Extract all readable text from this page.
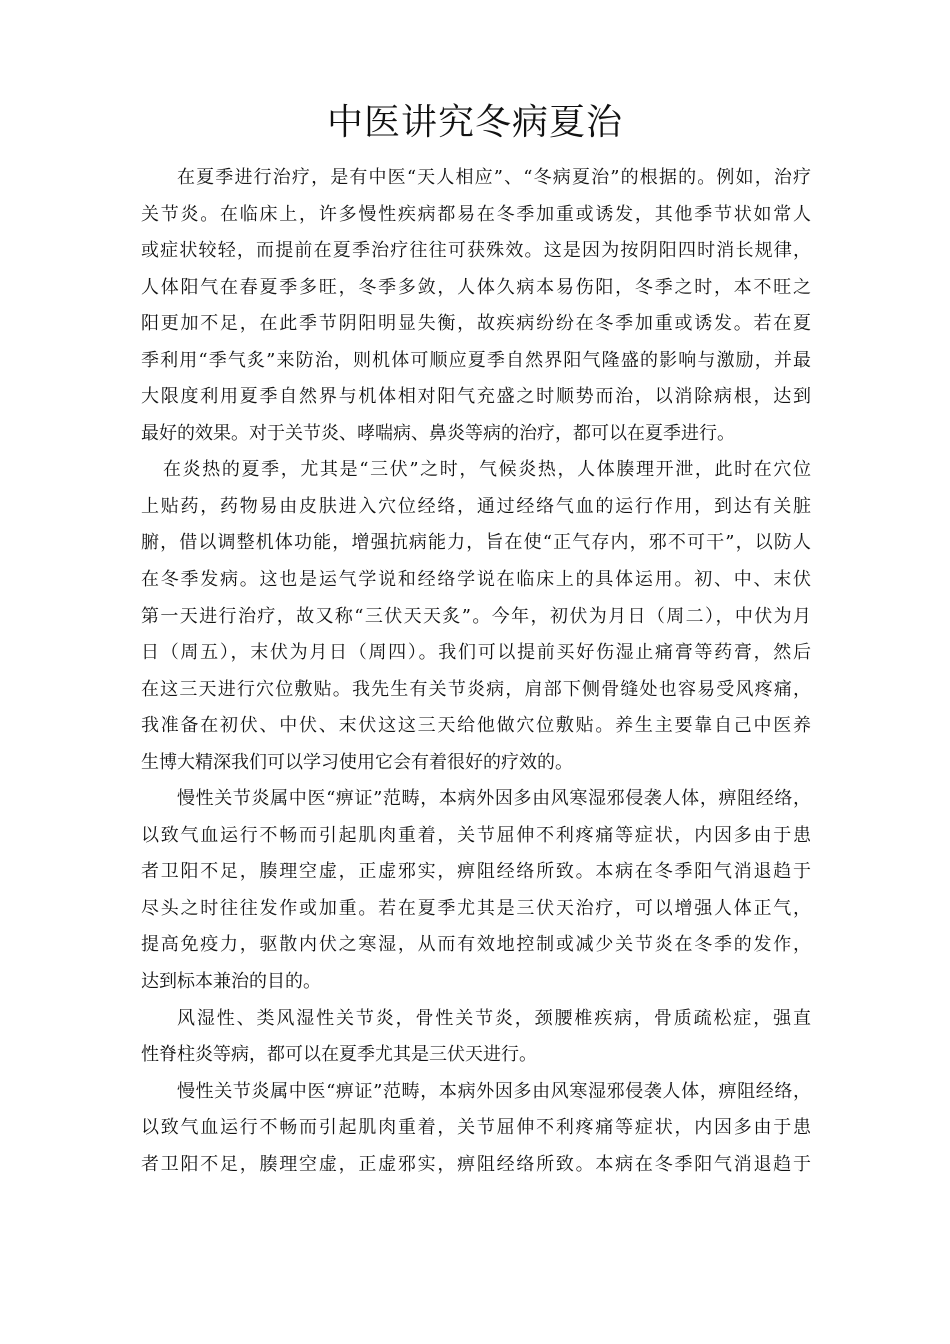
中医讲究冬病夏治
在夏季进行治疗，是有中医“天人相应”、“冬病夏治”的根据的。例如，治疗
关节炎。在临床上，许多慢性疾病都易在冬季加重或诱发，其他季节状如常人
或症状较轻，而提前在夏季治疗往往可获殊效。这是因为按阴阳四时消长规律，
人体阳气在春夏季多旺，冬季多敛，人体久病本易伤阳，冬季之时，本不旺之
阳更加不足，在此季节阴阳明显失衡，故疾病纷纷在冬季加重或诱发。若在夏
季利用“季气炙”来防治，则机体可顺应夏季自然界阳气隆盛的影响与激励，并最
大限度利用夏季自然界与机体相对阳气充盛之时顺势而治，以消除病根，达到
最好的效果。对于关节炎、哮喘病、鼻炎等病的治疗，都可以在夏季进行。
在炎热的夏季，尤其是“三伏”之时，气候炎热，人体腠理开泄，此时在穴位
上贴药，药物易由皮肤进入穴位经络，通过经络气血的运行作用，到达有关脏
腑，借以调整机体功能，增强抗病能力，旨在使“正气存内，邪不可干”，以防人
在冬季发病。这也是运气学说和经络学说在临床上的具体运用。初、中、末伏
第一天进行治疗，故又称“三伏天天炙”。今年，初伏为月日（周二），中伏为月
日（周五），末伏为月日（周四）。我们可以提前买好伤湿止痛膏等药膏，然后
在这三天进行穴位敷贴。我先生有关节炎病，肩部下侧骨缝处也容易受风疼痛，
我准备在初伏、中伏、末伏这这三天给他做穴位敷贴。养生主要靠自己中医养
生博大精深我们可以学习使用它会有着很好的疗效的。
慢性关节炎属中医“痹证”范畴，本病外因多由风寒湿邪侵袭人体，痹阻经络，
以致气血运行不畅而引起肌肉重着，关节屈伸不利疼痛等症状，内因多由于患
者卫阳不足，腠理空虚，正虚邪实，痹阻经络所致。本病在冬季阳气消退趋于
尽头之时往往发作或加重。若在夏季尤其是三伏天治疗，可以增强人体正气，
提高免疫力，驱散内伏之寒湿，从而有效地控制或减少关节炎在冬季的发作，
达到标本兼治的目的。
风湿性、类风湿性关节炎，骨性关节炎，颈腰椎疾病，骨质疏松症，强直
性脊柱炎等病，都可以在夏季尤其是三伏天进行。
慢性关节炎属中医“痹证”范畴，本病外因多由风寒湿邪侵袭人体，痹阻经络，
以致气血运行不畅而引起肌肉重着，关节屈伸不利疼痛等症状，内因多由于患
者卫阳不足，腠理空虚，正虚邪实，痹阻经络所致。本病在冬季阳气消退趋于
